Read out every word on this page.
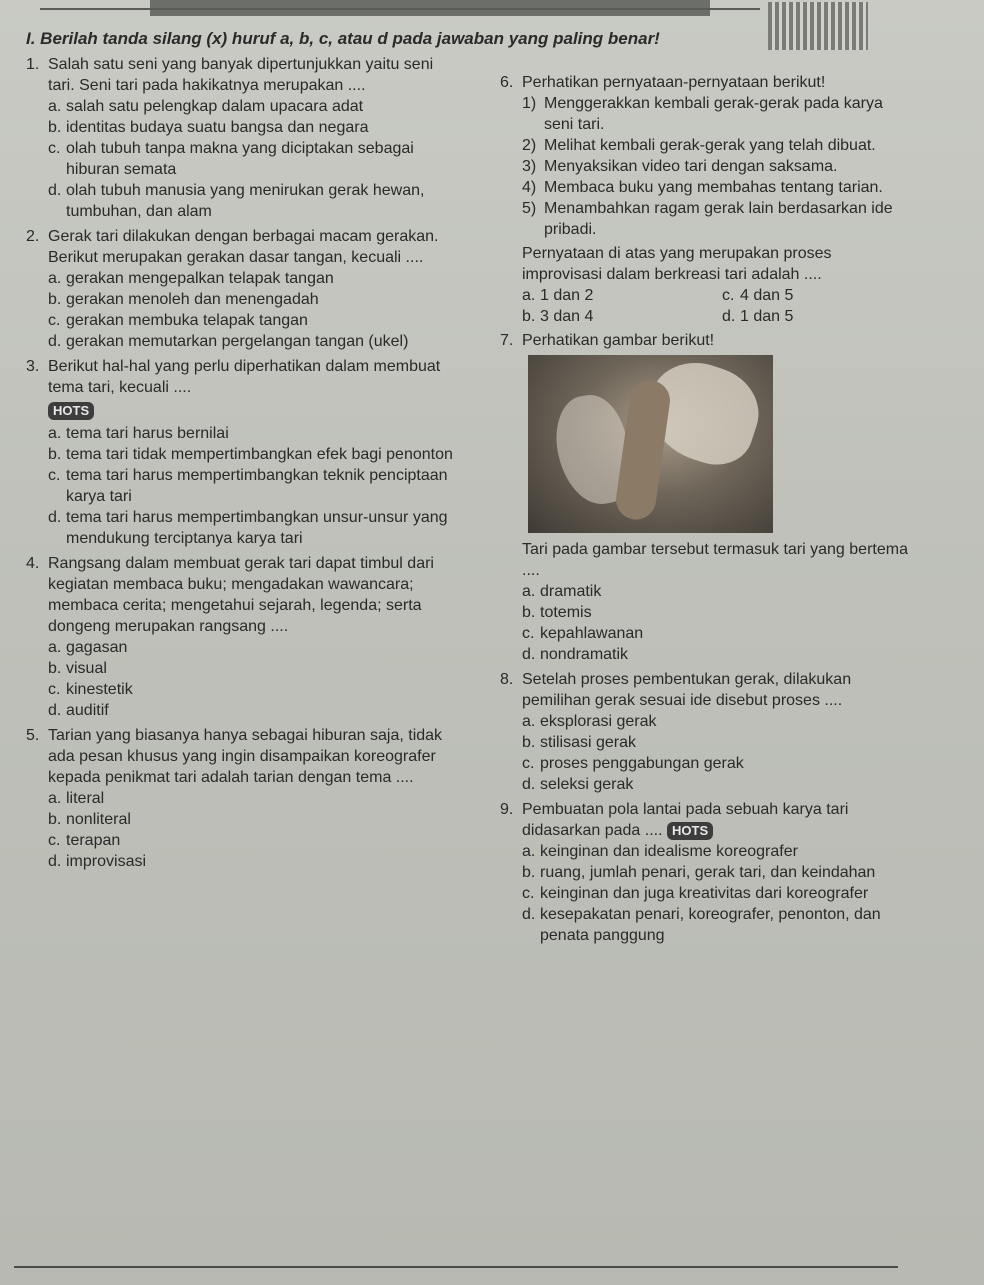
I. Berilah tanda silang (x) huruf a, b, c, atau d pada jawaban yang paling benar!
1. Salah satu seni yang banyak dipertunjukkan yaitu seni tari. Seni tari pada hakikatnya merupakan ....
a. salah satu pelengkap dalam upacara adat
b. identitas budaya suatu bangsa dan negara
c. olah tubuh tanpa makna yang diciptakan sebagai hiburan semata
d. olah tubuh manusia yang menirukan gerak hewan, tumbuhan, dan alam
2. Gerak tari dilakukan dengan berbagai macam gerakan. Berikut merupakan gerakan dasar tangan, kecuali ....
a. gerakan mengepalkan telapak tangan
b. gerakan menoleh dan menengadah
c. gerakan membuka telapak tangan
d. gerakan memutarkan pergelangan tangan (ukel)
3. Berikut hal-hal yang perlu diperhatikan dalam membuat tema tari, kecuali ....
HOTS
a. tema tari harus bernilai
b. tema tari tidak mempertimbangkan efek bagi penonton
c. tema tari harus mempertimbangkan teknik penciptaan karya tari
d. tema tari harus mempertimbangkan unsur-unsur yang mendukung terciptanya karya tari
4. Rangsang dalam membuat gerak tari dapat timbul dari kegiatan membaca buku; mengadakan wawancara; membaca cerita; mengetahui sejarah, legenda; serta dongeng merupakan rangsang ....
a. gagasan
b. visual
c. kinestetik
d. auditif
5. Tarian yang biasanya hanya sebagai hiburan saja, tidak ada pesan khusus yang ingin disampaikan koreografer kepada penikmat tari adalah tarian dengan tema ....
a. literal
b. nonliteral
c. terapan
d. improvisasi
6. Perhatikan pernyataan-pernyataan berikut!
1) Menggerakkan kembali gerak-gerak pada karya seni tari.
2) Melihat kembali gerak-gerak yang telah dibuat.
3) Menyaksikan video tari dengan saksama.
4) Membaca buku yang membahas tentang tarian.
5) Menambahkan ragam gerak lain berdasarkan ide pribadi.
Pernyataan di atas yang merupakan proses improvisasi dalam berkreasi tari adalah ....
a. 1 dan 2	c. 4 dan 5
b. 3 dan 4	d. 1 dan 5
7. Perhatikan gambar berikut!
Tari pada gambar tersebut termasuk tari yang bertema ....
a. dramatik
b. totemis
c. kepahlawanan
d. nondramatik
8. Setelah proses pembentukan gerak, dilakukan pemilihan gerak sesuai ide disebut proses ....
a. eksplorasi gerak
b. stilisasi gerak
c. proses penggabungan gerak
d. seleksi gerak
9. Pembuatan pola lantai pada sebuah karya tari didasarkan pada .... HOTS
a. keinginan dan idealisme koreografer
b. ruang, jumlah penari, gerak tari, dan keindahan
c. keinginan dan juga kreativitas dari koreografer
d. kesepakatan penari, koreografer, penonton, dan penata panggung
